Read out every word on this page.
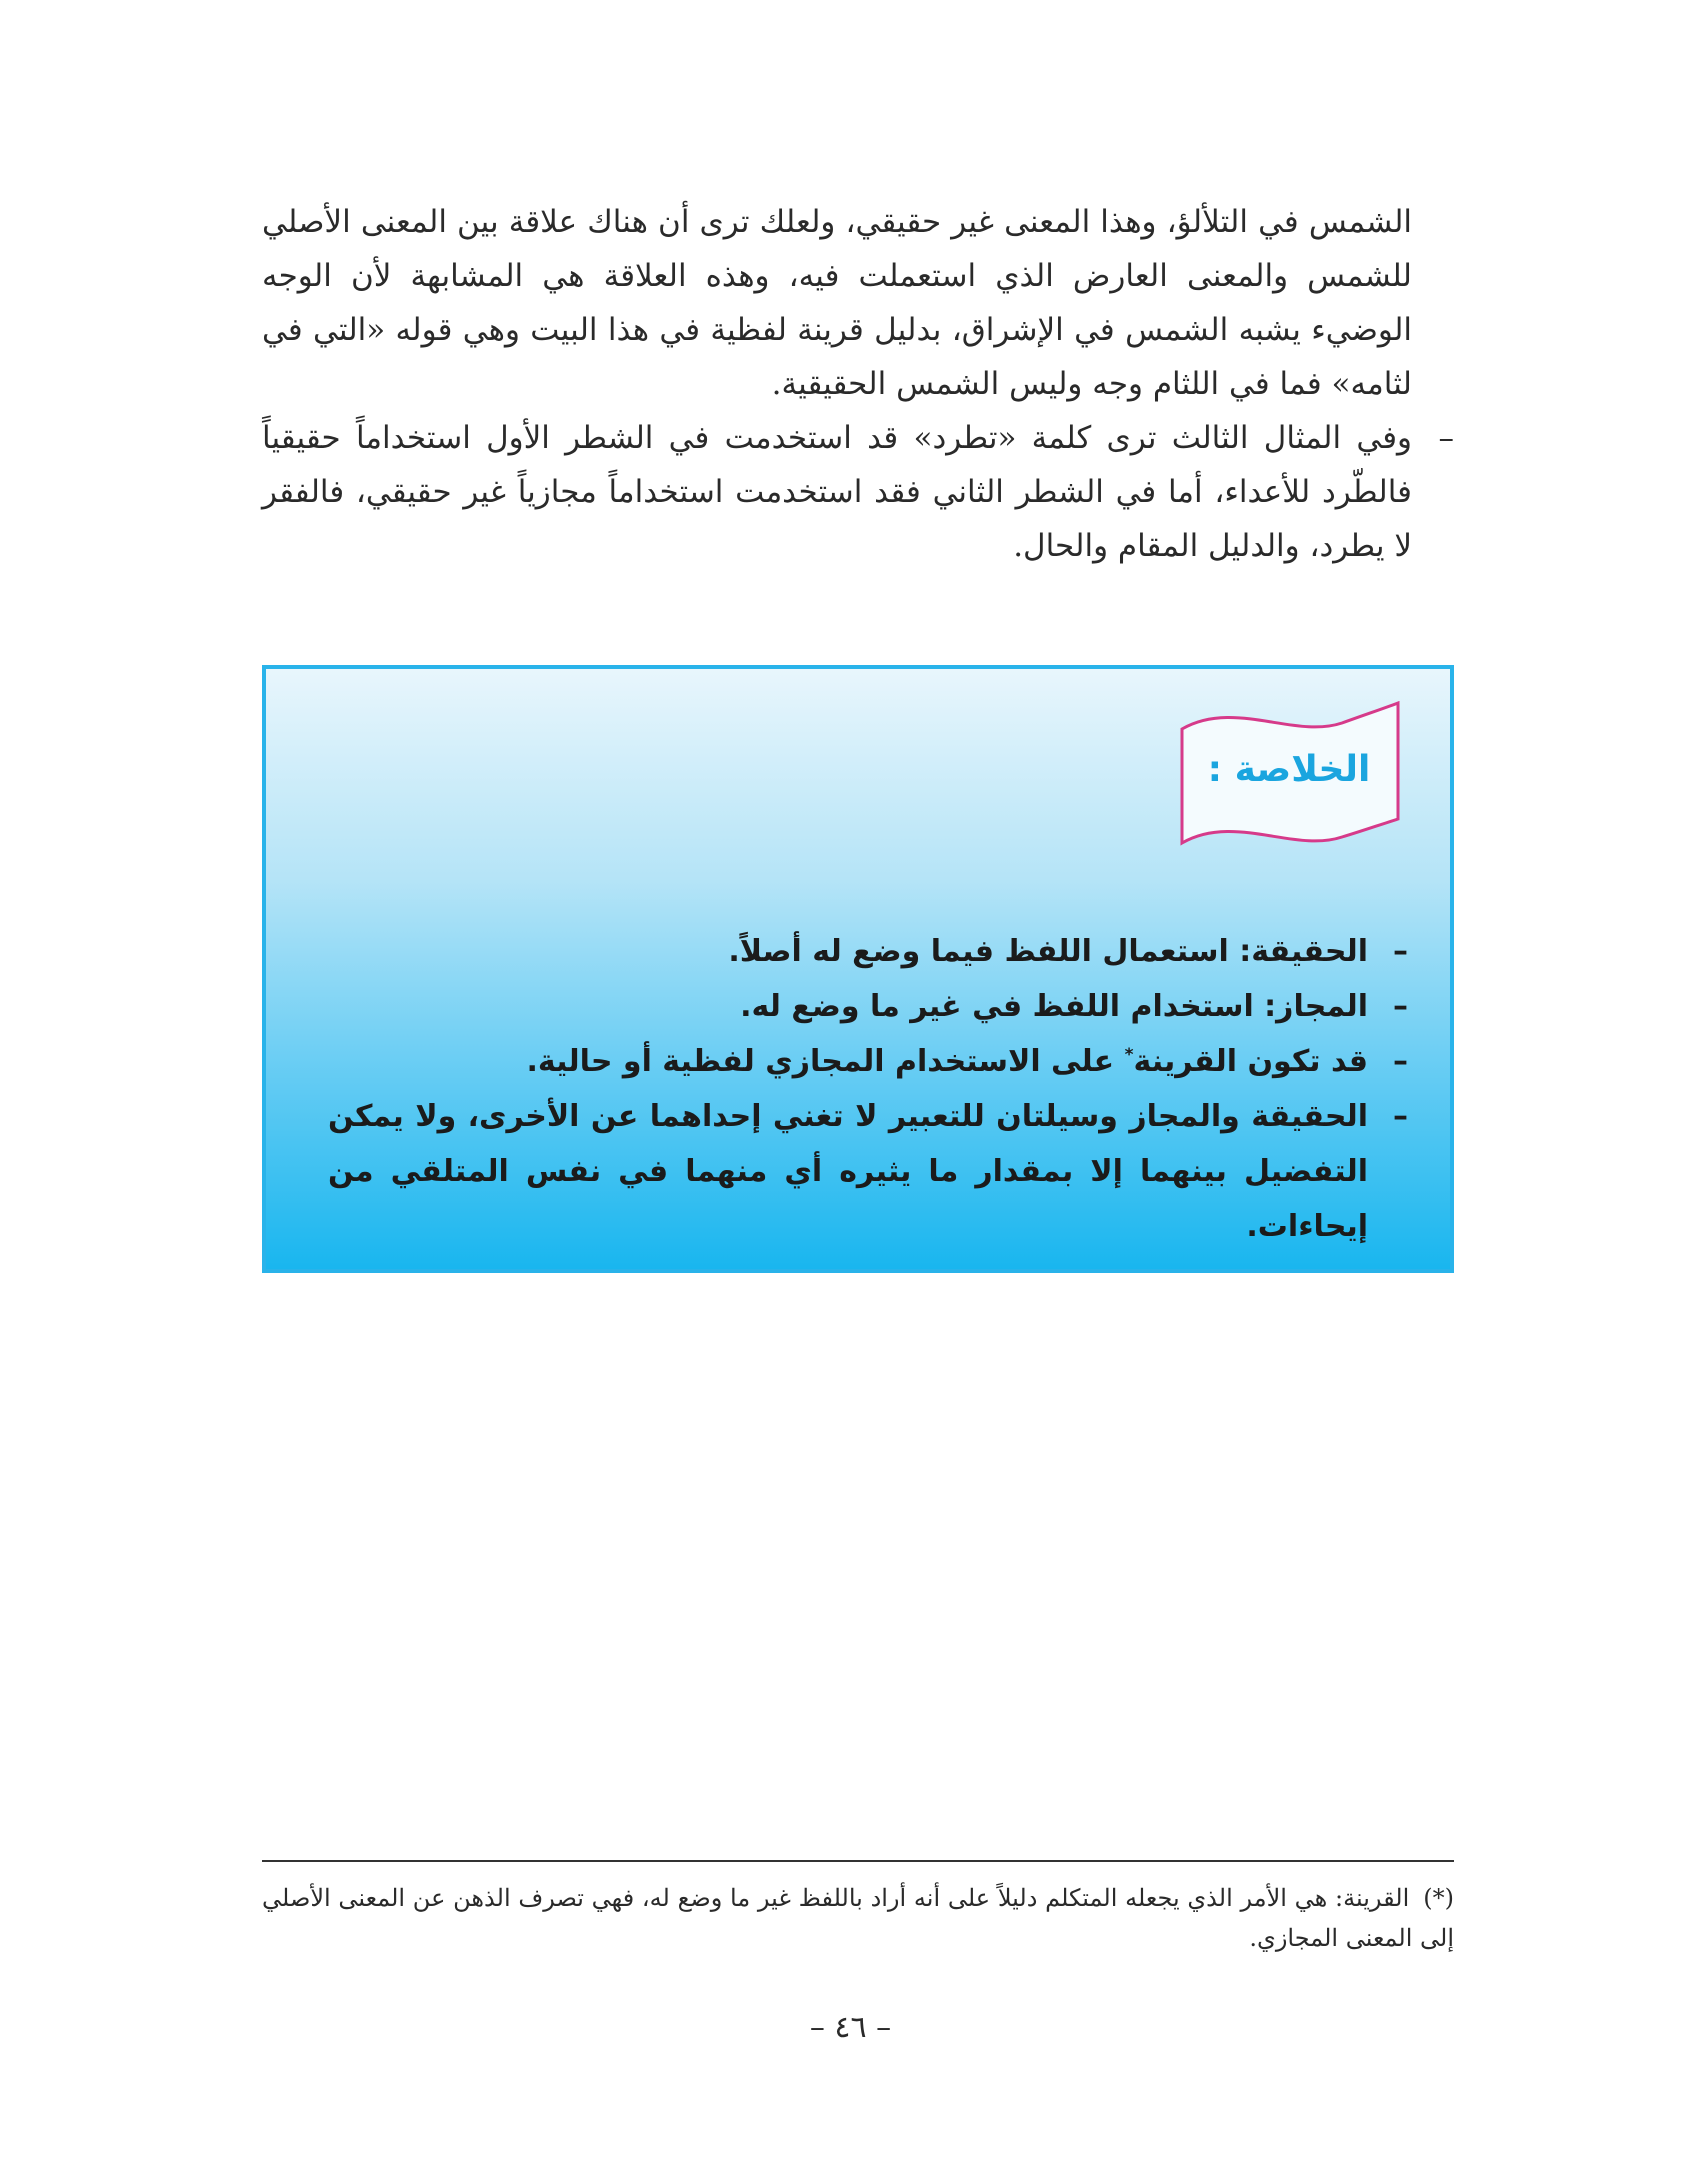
الشمس في التلألؤ، وهذا المعنى غير حقيقي، ولعلك ترى أن هناك علاقة بين المعنى الأصلي للشمس والمعنى العارض الذي استعملت فيه، وهذه العلاقة هي المشابهة لأن الوجه الوضيء يشبه الشمس في الإشراق، بدليل قرينة لفظية في هذا البيت وهي قوله «التي في لثامه» فما في اللثام وجه وليس الشمس الحقيقية.

–
وفي المثال الثالث ترى كلمة «تطرد» قد استخدمت في الشطر الأول استخداماً حقيقياً فالطّرد للأعداء، أما في الشطر الثاني فقد استخدمت استخداماً مجازياً غير حقيقي، فالفقر لا يطرد، والدليل المقام والحال.

الخلاصة :

–
الحقيقة: استعمال اللفظ فيما وضع له أصلاً.

–
المجاز: استخدام اللفظ في غير ما وضع له.

–
قد تكون القرينة* على الاستخدام المجازي لفظية أو حالية.

–
الحقيقة والمجاز وسيلتان للتعبير لا تغني إحداهما عن الأخرى، ولا يمكن التفضيل بينهما إلا بمقدار ما يثيره أي منهما في نفس المتلقي من إيحاءات.

(*)القرينة: هي الأمر الذي يجعله المتكلم دليلاً على أنه أراد باللفظ غير ما وضع له، فهي تصرف الذهن عن المعنى الأصلي إلى المعنى المجازي.

– ٤٦ –
